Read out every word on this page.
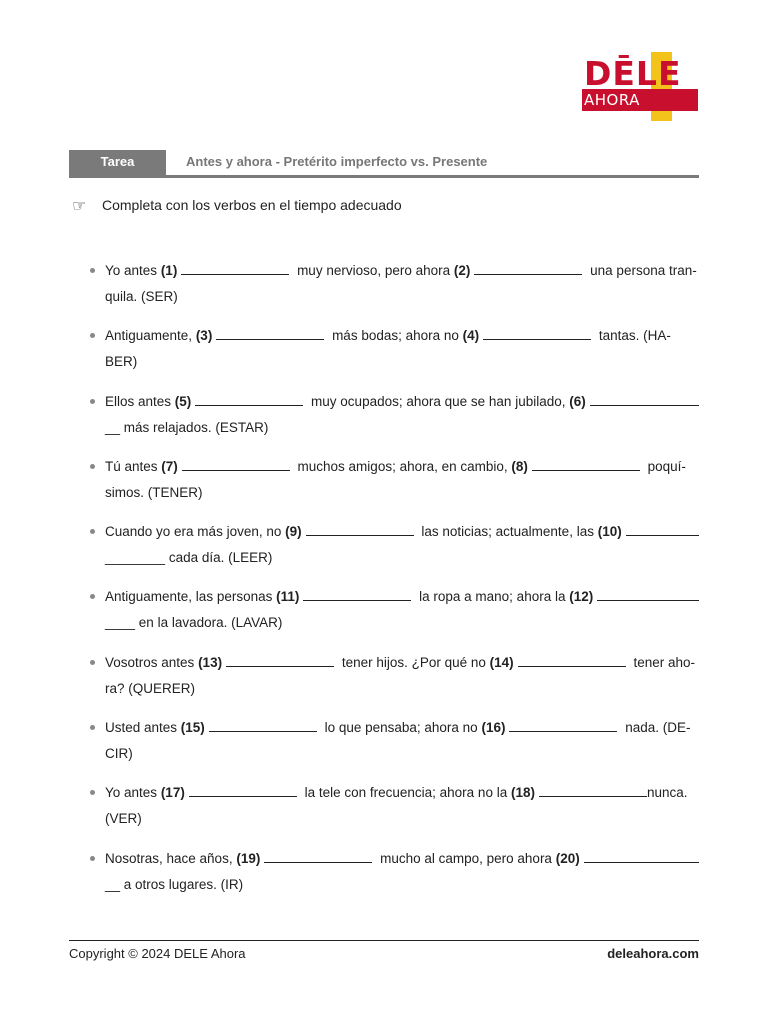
DĒLE
AHORA
Tarea	Antes y ahora - Pretérito imperfecto vs. Presente
☞ Completa con los verbos en el tiempo adecuado
Yo antes (1)	muy nervioso, pero ahora (2)	una persona tran-
quila. (SER)
Antiguamente, (3)	más bodas; ahora no (4)	tantas. (HA-
BER)
Ellos antes (5)	muy ocupados; ahora que se han jubilado, (6)
__ más relajados. (ESTAR)
Tú antes (7)	muchos amigos; ahora, en cambio, (8)	poquí-
simos. (TENER)
Cuando yo era más joven, no (9)	las noticias; actualmente, las (10)
________ cada día. (LEER)
Antiguamente, las personas (11)	la ropa a mano; ahora la (12)
____ en la lavadora. (LAVAR)
Vosotros antes (13)	tener hijos. ¿Por qué no (14)	tener aho-
ra? (QUERER)
Usted antes (15)	lo que pensaba; ahora no (16)	nada. (DE-
CIR)
Yo antes (17)	la tele con frecuencia; ahora no la (18)	nunca.
(VER)
Nosotras, hace años, (19)	mucho al campo, pero ahora (20)
__ a otros lugares. (IR)
Copyright © 2024 DELE Ahora	deleahora.com
